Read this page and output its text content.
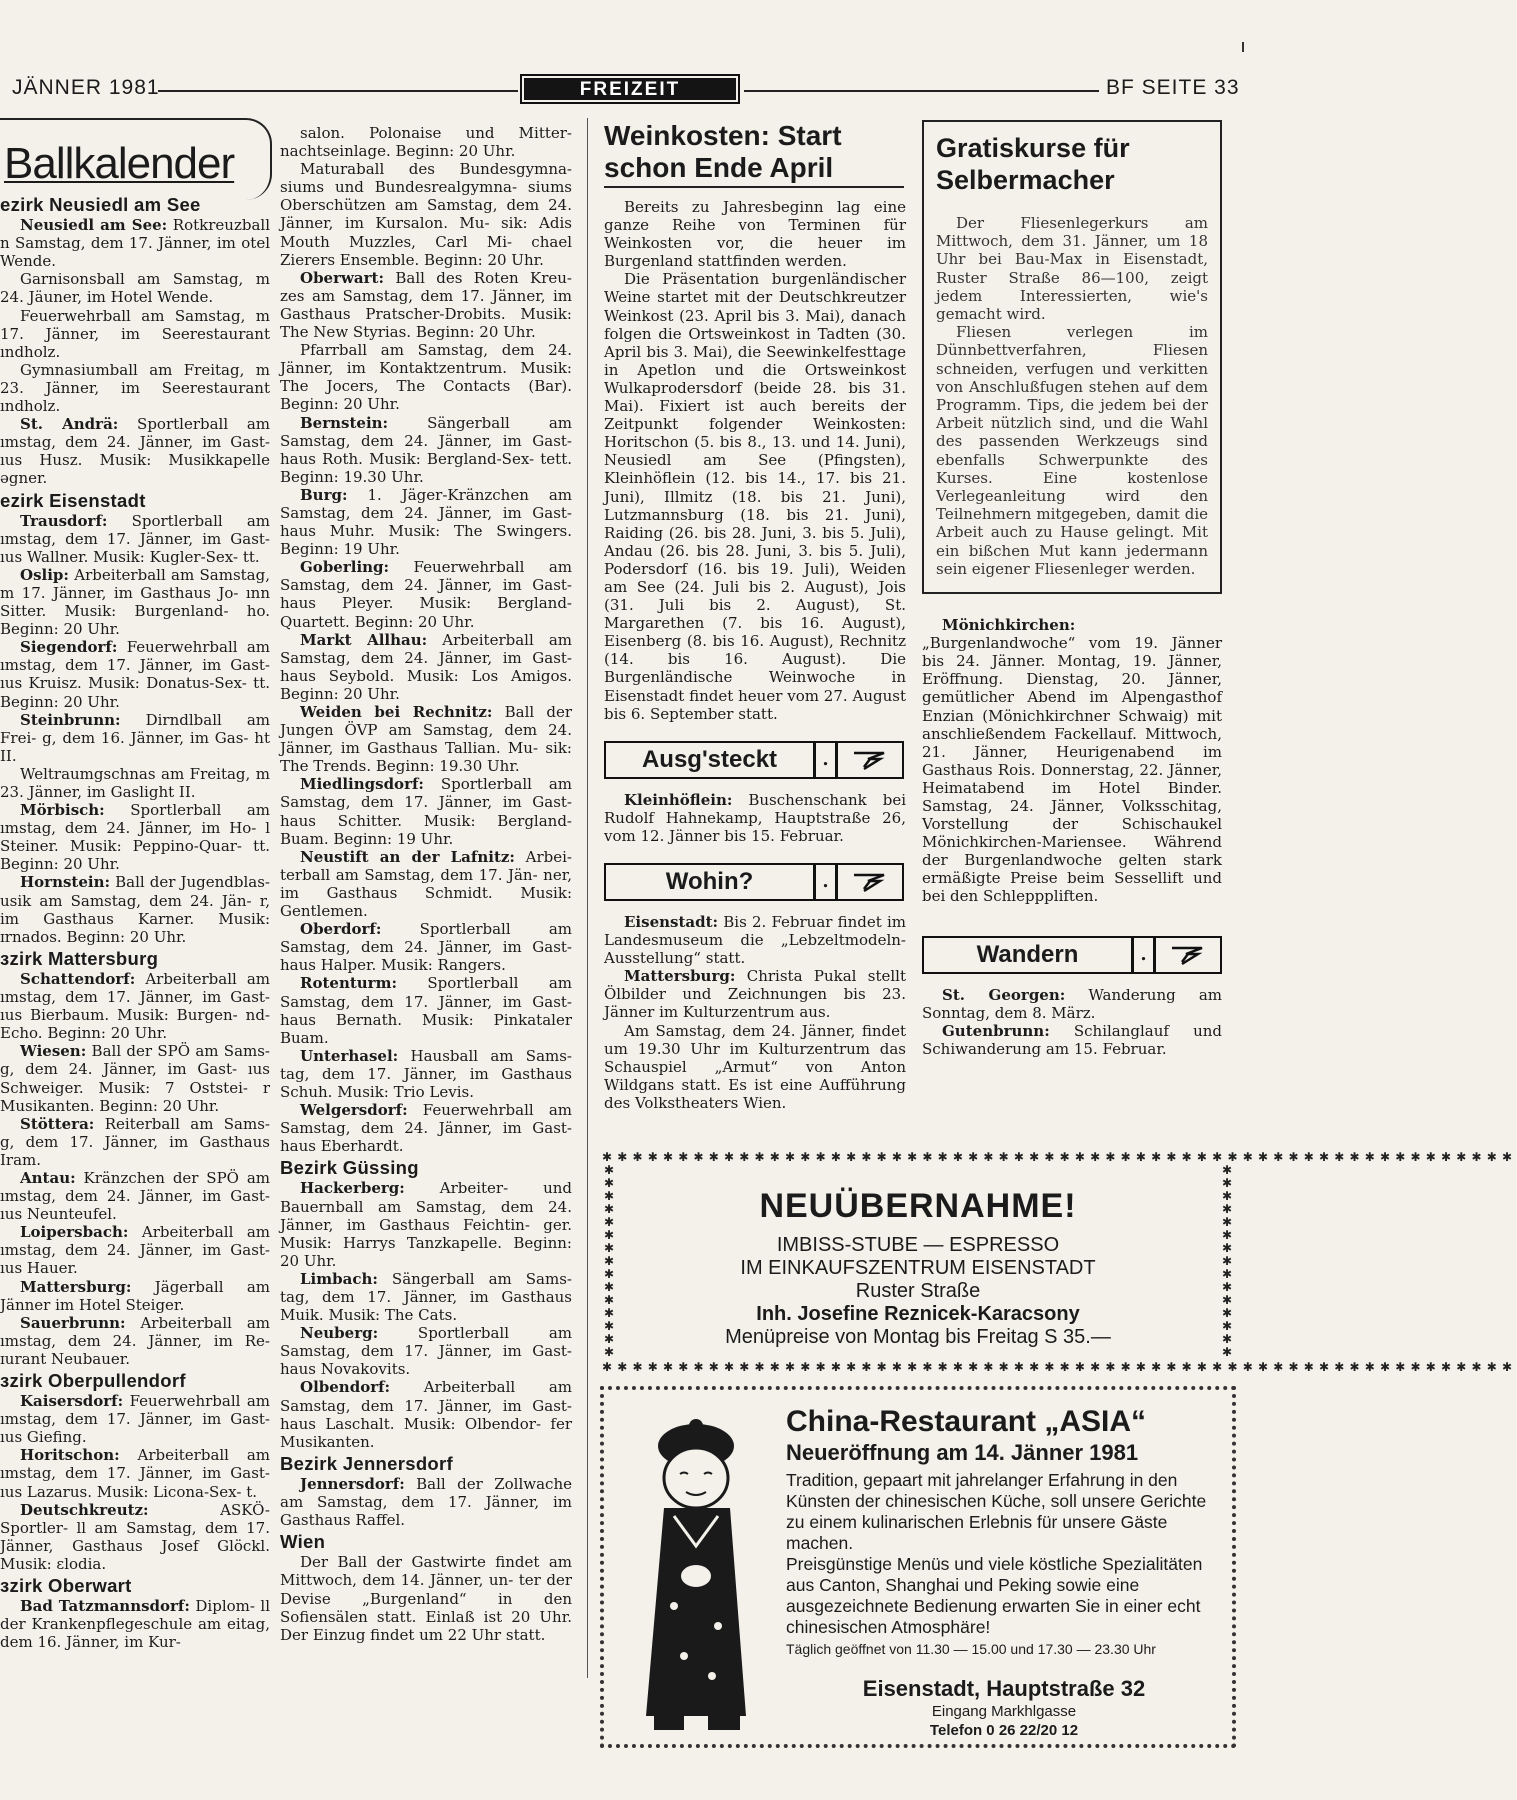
JÄNNER 1981	FREIZEIT	BF SEITE 33
Ballkalender
ezirk Neusiedl am See

Neusiedl am See: Rotkreuzball n Samstag, dem 17. Jänner, im otel Wende.

Garnisonsball am Samstag, m 24. Jäuner, im Hotel Wende.

Feuerwehrball am Samstag, m 17. Jänner, im Seerestaurant ındholz.

Gymnasiumball am Freitag, m 23. Jänner, im Seerestaurant ındholz.

St. Andrä: Sportlerball am ımstag, dem 24. Jänner, im Gast- ıus Husz. Musik: Musikkapelle əgner.

ezirk Eisenstadt

Trausdorf: Sportlerball am ımstag, dem 17. Jänner, im Gast- ıus Wallner. Musik: Kugler-Sex- tt.

Oslip: Arbeiterball am Samstag, m 17. Jänner, im Gasthaus Jo- ınn Sitter. Musik: Burgenland- ho. Beginn: 20 Uhr.

Siegendorf: Feuerwehrball am ımstag, dem 17. Jänner, im Gast- ıus Kruisz. Musik: Donatus-Sex- tt. Beginn: 20 Uhr.

Steinbrunn: Dirndlball am Frei- g, dem 16. Jänner, im Gas- ht II.

Weltraumgschnas am Freitag, m 23. Jänner, im Gaslight II.

Mörbisch: Sportlerball am ımstag, dem 24. Jänner, im Ho- l Steiner. Musik: Peppino-Quar- tt. Beginn: 20 Uhr.

Hornstein: Ball der Jugendblas- usik am Samstag, dem 24. Jän- r, im Gasthaus Karner. Musik: ɪrnados. Beginn: 20 Uhr.

ɜzirk Mattersburg

Schattendorf: Arbeiterball am ımstag, dem 17. Jänner, im Gast- ıus Bierbaum. Musik: Burgen- nd-Echo. Beginn: 20 Uhr.

Wiesen: Ball der SPÖ am Sams- g, dem 24. Jänner, im Gast- ıus Schweiger. Musik: 7 Oststei- r Musikanten. Beginn: 20 Uhr.

Stöttera: Reiterball am Sams- g, dem 17. Jänner, im Gasthaus Iram.

Antau: Kränzchen der SPÖ am ımstag, dem 24. Jänner, im Gast- ıus Neunteufel.

Loipersbach: Arbeiterball am ımstag, dem 24. Jänner, im Gast- ıus Hauer.

Mattersburg: Jägerball am Jänner im Hotel Steiger.

Sauerbrunn: Arbeiterball am ımstag, dem 24. Jänner, im Re- ɪurant Neubauer.

ɜzirk Oberpullendorf

Kaisersdorf: Feuerwehrball am ımstag, dem 17. Jänner, im Gast- ıus Giefing.

Horitschon: Arbeiterball am ımstag, dem 17. Jänner, im Gast- ıus Lazarus. Musik: Licona-Sex- t.

Deutschkreutz: ASKÖ-Sportler- ll am Samstag, dem 17. Jänner, Gasthaus Josef Glöckl. Musik: ɛlodia.

ɜzirk Oberwart

Bad Tatzmannsdorf: Diplom- ll der Krankenpflegeschule am eitag, dem 16. Jänner, im Kur-

salon. Polonaise und Mitter- nachtseinlage. Beginn: 20 Uhr.

Maturaball des Bundesgymna- siums und Bundesrealgymna- siums Oberschützen am Samstag, dem 24. Jänner, im Kursalon. Mu- sik: Adis Mouth Muzzles, Carl Mi- chael Zierers Ensemble. Beginn: 20 Uhr.

Oberwart: Ball des Roten Kreu- zes am Samstag, dem 17. Jänner, im Gasthaus Pratscher-Drobits. Musik: The New Styrias. Beginn: 20 Uhr.

Pfarrball am Samstag, dem 24. Jänner, im Kontaktzentrum. Musik: The Jocers, The Contacts (Bar). Beginn: 20 Uhr.

Bernstein: Sängerball am Samstag, dem 24. Jänner, im Gast- haus Roth. Musik: Bergland-Sex- tett. Beginn: 19.30 Uhr.

Burg: 1. Jäger-Kränzchen am Samstag, dem 24. Jänner, im Gast- haus Muhr. Musik: The Swingers. Beginn: 19 Uhr.

Goberling: Feuerwehrball am Samstag, dem 24. Jänner, im Gast- haus Pleyer. Musik: Bergland- Quartett. Beginn: 20 Uhr.

Markt Allhau: Arbeiterball am Samstag, dem 24. Jänner, im Gast- haus Seybold. Musik: Los Amigos. Beginn: 20 Uhr.

Weiden bei Rechnitz: Ball der Jungen ÖVP am Samstag, dem 24. Jänner, im Gasthaus Tallian. Mu- sik: The Trends. Beginn: 19.30 Uhr.

Miedlingsdorf: Sportlerball am Samstag, dem 17. Jänner, im Gast- haus Schitter. Musik: Bergland- Buam. Beginn: 19 Uhr.

Neustift an der Lafnitz: Arbei- terball am Samstag, dem 17. Jän- ner, im Gasthaus Schmidt. Musik: Gentlemen.

Oberdorf: Sportlerball am Samstag, dem 24. Jänner, im Gast- haus Halper. Musik: Rangers.

Rotenturm: Sportlerball am Samstag, dem 17. Jänner, im Gast- haus Bernath. Musik: Pinkataler Buam.

Unterhasel: Hausball am Sams- tag, dem 17. Jänner, im Gasthaus Schuh. Musik: Trio Levis.

Welgersdorf: Feuerwehrball am Samstag, dem 24. Jänner, im Gast- haus Eberhardt.

Bezirk Güssing

Hackerberg: Arbeiter- und Bauernball am Samstag, dem 24. Jänner, im Gasthaus Feichtin- ger. Musik: Harrys Tanzkapelle. Beginn: 20 Uhr.

Limbach: Sängerball am Sams- tag, dem 17. Jänner, im Gasthaus Muik. Musik: The Cats.

Neuberg: Sportlerball am Samstag, dem 17. Jänner, im Gast- haus Novakovits.

Olbendorf: Arbeiterball am Samstag, dem 17. Jänner, im Gast- haus Laschalt. Musik: Olbendor- fer Musikanten.

Bezirk Jennersdorf

Jennersdorf: Ball der Zollwache am Samstag, dem 17. Jänner, im Gasthaus Raffel.

Wien

Der Ball der Gastwirte findet am Mittwoch, dem 14. Jänner, un- ter der Devise „Burgenland“ in den Sofiensälen statt. Einlaß ist 20 Uhr. Der Einzug findet um 22 Uhr statt.

Weinkosten: Start schon Ende April

Bereits zu Jahresbeginn lag eine ganze Reihe von Terminen für Weinkosten vor, die heuer im Burgenland stattfinden werden.

Die Präsentation burgenländischer Weine startet mit der Deutschkreutzer Weinkost (23. April bis 3. Mai), danach folgen die Ortsweinkost in Tadten (30. April bis 3. Mai), die Seewinkelfesttage in Apetlon und die Ortsweinkost Wulkaprodersdorf (beide 28. bis 31. Mai). Fixiert ist auch bereits der Zeitpunkt folgender Weinkosten: Horitschon (5. bis 8., 13. und 14. Juni), Neusiedl am See (Pfingsten), Kleinhöflein (12. bis 14., 17. bis 21. Juni), Illmitz (18. bis 21. Juni), Lutzmannsburg (18. bis 21. Juni), Raiding (26. bis 28. Juni, 3. bis 5. Juli), Andau (26. bis 28. Juni, 3. bis 5. Juli), Podersdorf (16. bis 19. Juli), Weiden am See (24. Juli bis 2. August), Jois (31. Juli bis 2. August), St. Margarethen (7. bis 16. August), Eisenberg (8. bis 16. August), Rechnitz (14. bis 16. August). Die Burgenländische Weinwoche in Eisenstadt findet heuer vom 27. August bis 6. September statt.

Ausg'steckt	.

Kleinhöflein: Buschenschank bei Rudolf Hahnekamp, Hauptstraße 26, vom 12. Jänner bis 15. Februar.

Wohin?	.

Eisenstadt: Bis 2. Februar findet im Landesmuseum die „Lebzeltmodeln-Ausstellung“ statt.

Mattersburg: Christa Pukal stellt Ölbilder und Zeichnungen bis 23. Jänner im Kulturzentrum aus.

Am Samstag, dem 24. Jänner, findet um 19.30 Uhr im Kulturzentrum das Schauspiel „Armut“ von Anton Wildgans statt. Es ist eine Aufführung des Volkstheaters Wien.

Gratiskurse für Selbermacher

Der Fliesenlegerkurs am Mittwoch, dem 31. Jänner, um 18 Uhr bei Bau-Max in Eisenstadt, Ruster Straße 86—100, zeigt jedem Interessierten, wie's gemacht wird.

Fliesen verlegen im Dünnbettverfahren, Fliesen schneiden, verfugen und verkitten von Anschlußfugen stehen auf dem Programm. Tips, die jedem bei der Arbeit nützlich sind, und die Wahl des passenden Werkzeugs sind ebenfalls Schwerpunkte des Kurses. Eine kostenlose Verlegeanleitung wird den Teilnehmern mitgegeben, damit die Arbeit auch zu Hause gelingt. Mit ein bißchen Mut kann jedermann sein eigener Fliesenleger werden.

Mönichkirchen: „Burgenlandwoche“ vom 19. Jänner bis 24. Jänner. Montag, 19. Jänner, Eröffnung. Dienstag, 20. Jänner, gemütlicher Abend im Alpengasthof Enzian (Mönichkirchner Schwaig) mit anschließendem Fackellauf. Mittwoch, 21. Jänner, Heurigenabend im Gasthaus Rois. Donnerstag, 22. Jänner, Heimatabend im Hotel Binder. Samstag, 24. Jänner, Volksschitag, Vorstellung der Schischaukel Mönichkirchen-Mariensee. Während der Burgenlandwoche gelten stark ermäßigte Preise beim Sessellift und bei den Schlepppliften.

Wandern	.

St. Georgen: Wanderung am Sonntag, dem 8. März.

Gutenbrunn: Schilanglauf und Schiwanderung am 15. Februar.

✱✱✱✱✱✱✱✱✱✱✱✱✱✱✱✱✱✱✱✱✱✱✱✱✱✱✱✱✱✱✱✱✱✱✱✱✱✱✱✱✱✱✱✱✱✱✱✱✱✱✱✱✱✱✱✱✱✱✱✱
✱✱✱✱✱✱✱✱✱✱✱✱✱✱✱✱✱✱✱✱✱✱✱✱✱✱✱✱✱✱✱✱✱✱✱✱✱✱✱✱✱✱✱✱✱✱✱✱✱✱✱✱✱✱✱✱✱✱✱✱
✱
✱
✱
✱
✱
✱
✱
✱
✱
✱
✱
✱
✱
✱
✱
✱
✱
✱
✱
✱
✱
✱
✱
✱
✱
✱
✱
✱
✱
✱
NEUÜBERNAHME!
IMBISS-STUBE — ESPRESSO
IM EINKAUFSZENTRUM EISENSTADT
Ruster Straße
Inh. Josefine Reznicek-Karacsony
Menüpreise von Montag bis Freitag S 35.—
China-Restaurant „ASIA“
Neueröffnung am 14. Jänner 1981
Tradition, gepaart mit jahrelanger Erfahrung in den Künsten der chinesischen Küche, soll unsere Gerichte zu einem kulinarischen Erlebnis für unsere Gäste machen.
Preisgünstige Menüs und viele köstliche Spezialitäten aus Canton, Shanghai und Peking sowie eine ausgezeichnete Bedienung erwarten Sie in einer echt chinesischen Atmosphäre!
Täglich geöffnet von 11.30 — 15.00 und 17.30 — 23.30 Uhr
Eisenstadt, Hauptstraße 32
Eingang Markhlgasse
Telefon 0 26 22/20 12
